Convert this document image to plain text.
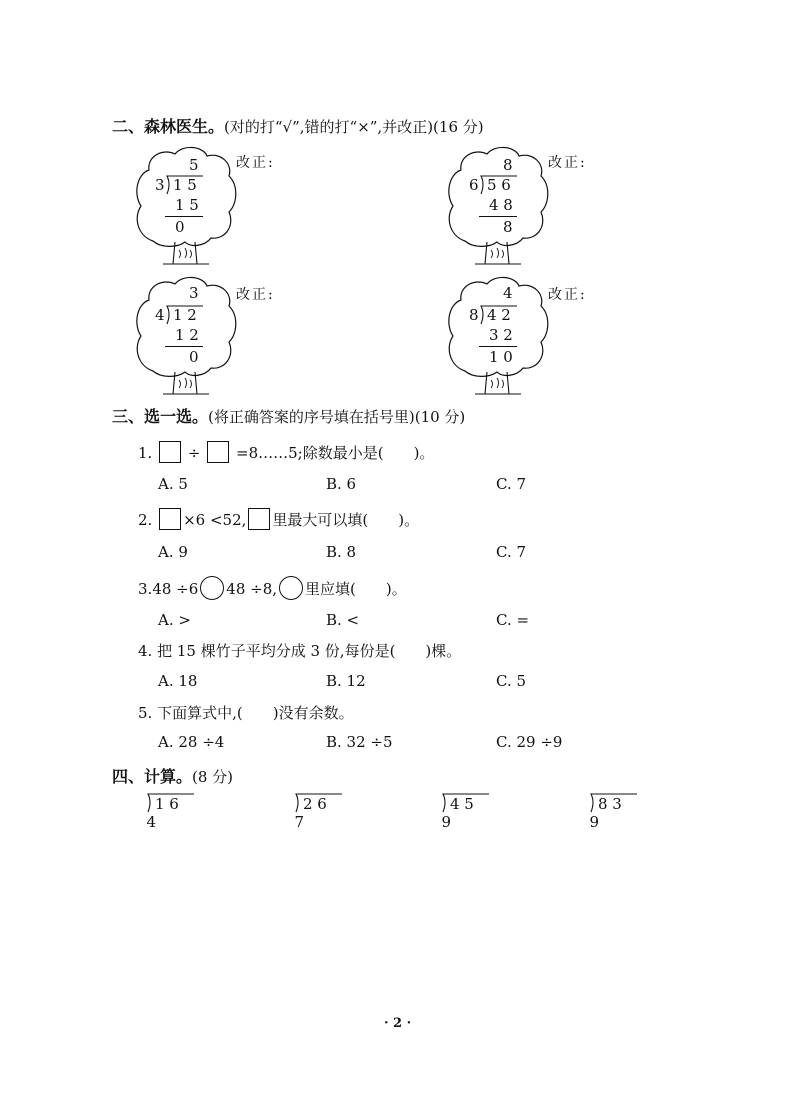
二、森林医生。(对的打“√”,错的打“×”,并改正)(16 分)
5
3 1 5
1 5
0
改正:	8
6 5 6
4 8
8
改正:
3
4 1 2
1 2
0
改正:	4
8 4 2
3 2
1 0
改正:
三、选一选。(将正确答案的序号填在括号里)(10 分)
1. ÷ =8……5;除数最小是(　　)。
A. 5	B. 6	C. 7
2. ×6 <52, 里最大可以填(　　)。
A. 9	B. 8	C. 7
3.48 ÷6 48 ÷8, 里应填(　　)。
A. >	B. <	C. =
4. 把 15 棵竹子平均分成 3 份,每份是(　　)棵。
A. 18	B. 12	C. 5
5. 下面算式中,(　　)没有余数。
A. 28 ÷4	B. 32 ÷5	C. 29 ÷9
四、计算。(8 分)

4

1 6

7

2 6

9

4 5

9

8 3

· 2 ·
